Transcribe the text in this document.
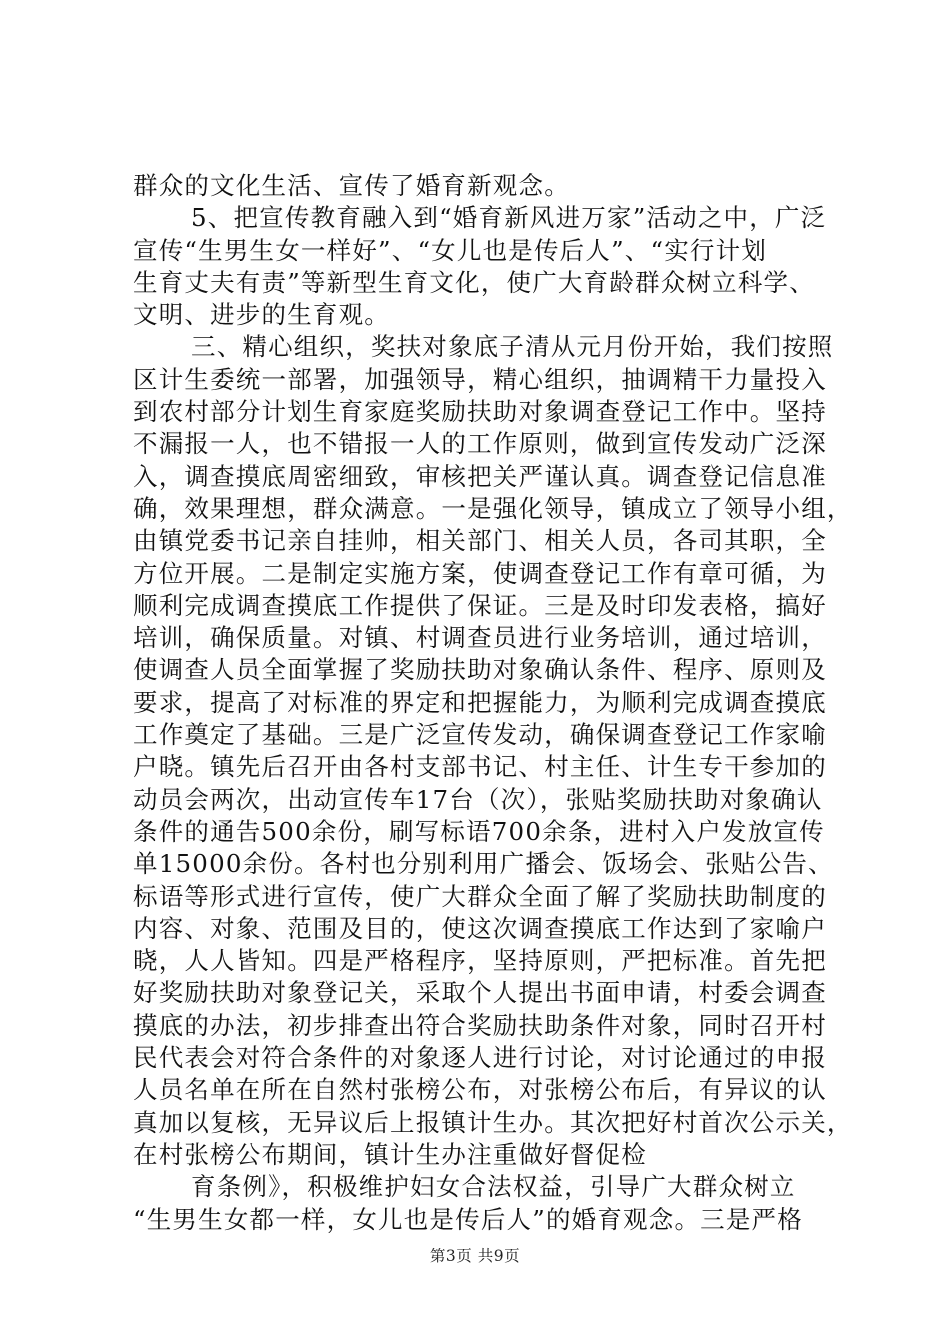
群众的文化生活、宣传了婚育新观念。
5、把宣传教育融入到“婚育新风进万家”活动之中，广泛
宣传“生男生女一样好”、“女儿也是传后人”、“实行计划
生育丈夫有责”等新型生育文化，使广大育龄群众树立科学、
文明、进步的生育观。
三、精心组织，奖扶对象底子清从元月份开始，我们按照
区计生委统一部署，加强领导，精心组织，抽调精干力量投入
到农村部分计划生育家庭奖励扶助对象调查登记工作中。坚持
不漏报一人，也不错报一人的工作原则，做到宣传发动广泛深
入，调查摸底周密细致，审核把关严谨认真。调查登记信息准
确，效果理想，群众满意。一是强化领导，镇成立了领导小组，
由镇党委书记亲自挂帅，相关部门、相关人员，各司其职，全
方位开展。二是制定实施方案，使调查登记工作有章可循，为
顺利完成调查摸底工作提供了保证。三是及时印发表格，搞好
培训，确保质量。对镇、村调查员进行业务培训，通过培训，
使调查人员全面掌握了奖励扶助对象确认条件、程序、原则及
要求，提高了对标准的界定和把握能力，为顺利完成调查摸底
工作奠定了基础。三是广泛宣传发动，确保调查登记工作家喻
户晓。镇先后召开由各村支部书记、村主任、计生专干参加的
动员会两次，出动宣传车17台（次），张贴奖励扶助对象确认
条件的通告500余份，刷写标语700余条，进村入户发放宣传
单15000余份。各村也分别利用广播会、饭场会、张贴公告、
标语等形式进行宣传，使广大群众全面了解了奖励扶助制度的
内容、对象、范围及目的，使这次调查摸底工作达到了家喻户
晓，人人皆知。四是严格程序，坚持原则，严把标准。首先把
好奖励扶助对象登记关，采取个人提出书面申请，村委会调查
摸底的办法，初步排查出符合奖励扶助条件对象，同时召开村
民代表会对符合条件的对象逐人进行讨论，对讨论通过的申报
人员名单在所在自然村张榜公布，对张榜公布后，有异议的认
真加以复核，无异议后上报镇计生办。其次把好村首次公示关，
在村张榜公布期间，镇计生办注重做好督促检
育条例》，积极维护妇女合法权益，引导广大群众树立
“生男生女都一样，女儿也是传后人”的婚育观念。三是严格
第3页 共9页
